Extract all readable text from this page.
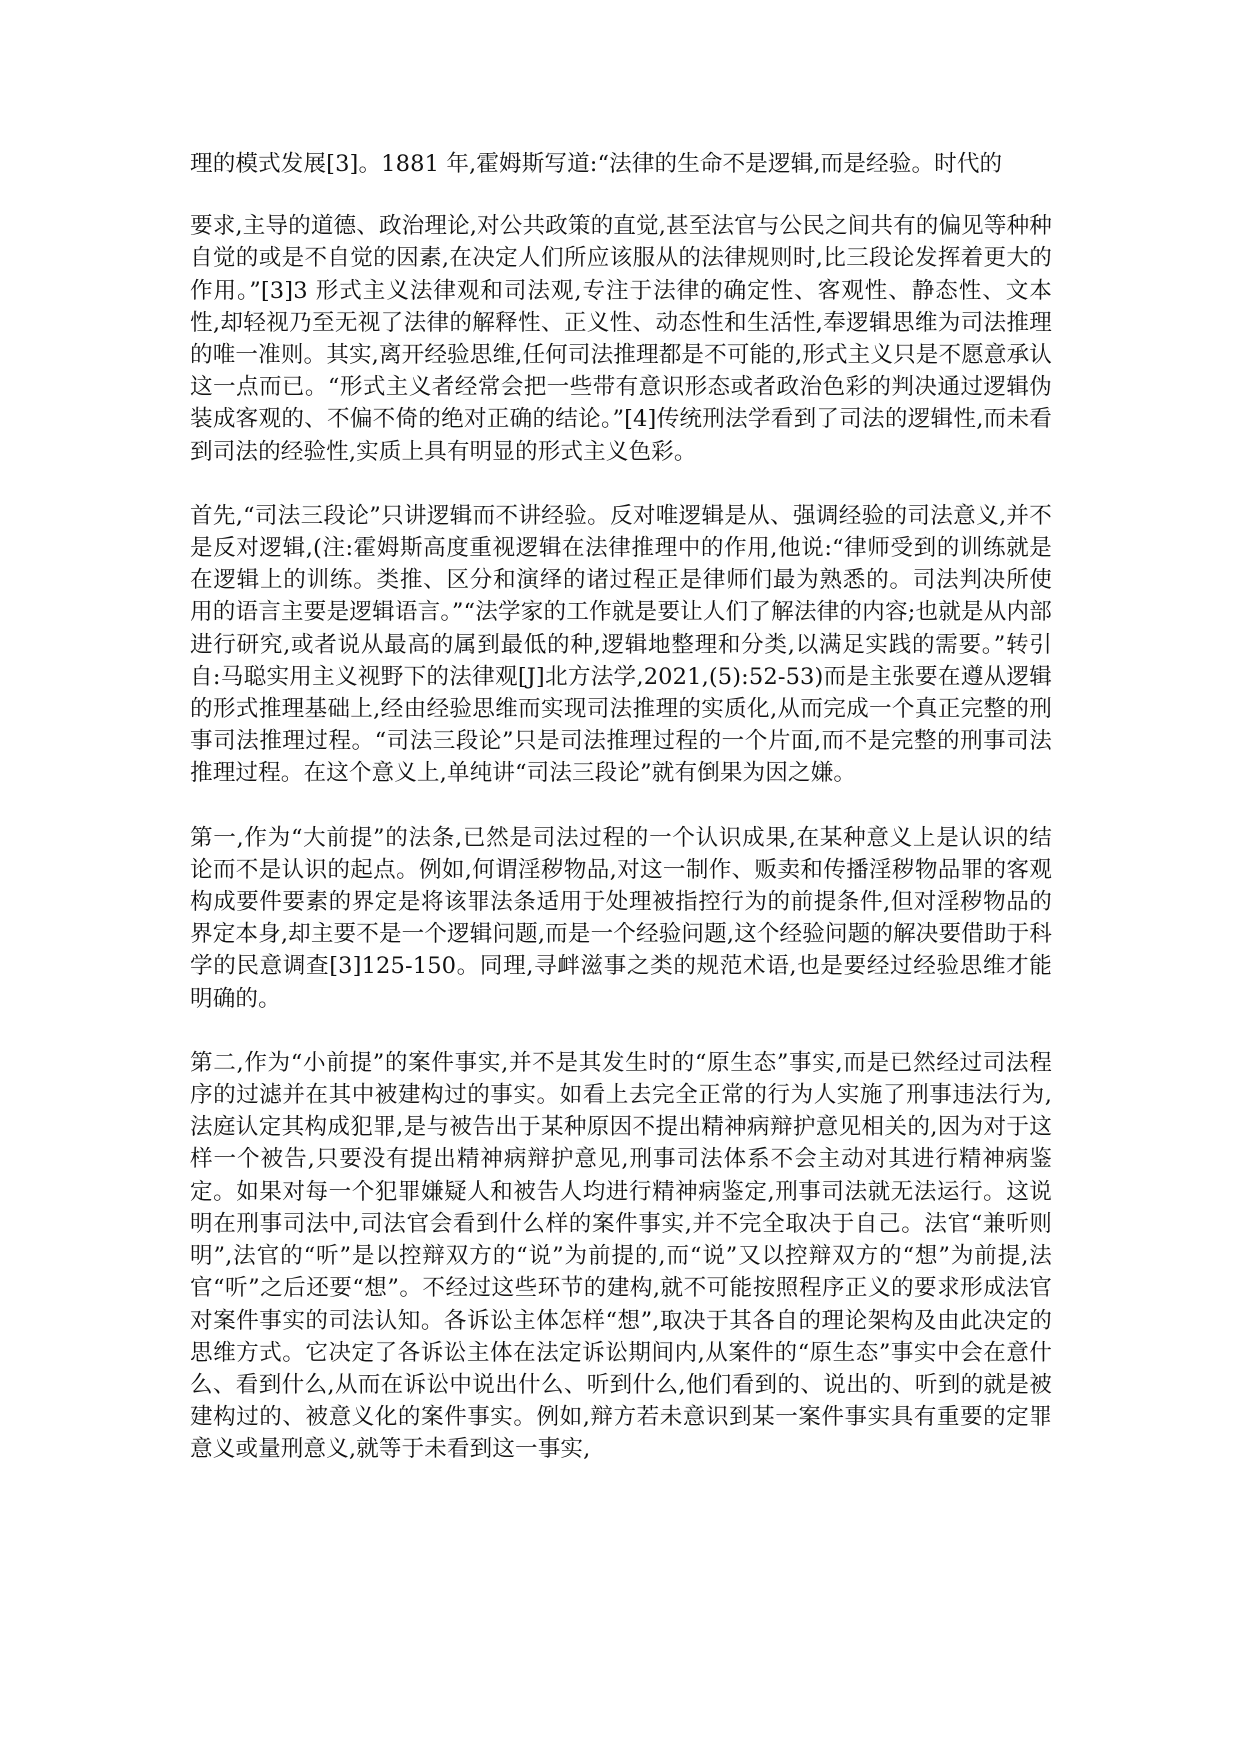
理的模式发展[3]。1881 年,霍姆斯写道:“法律的生命不是逻辑,而是经验。时代的

要求,主导的道德、政治理论,对公共政策的直觉,甚至法官与公民之间共有的偏见等种种自觉的或是不自觉的因素,在决定人们所应该服从的法律规则时,比三段论发挥着更大的作用。”[3]3 形式主义法律观和司法观,专注于法律的确定性、客观性、静态性、文本性,却轻视乃至无视了法律的解释性、正义性、动态性和生活性,奉逻辑思维为司法推理的唯一准则。其实,离开经验思维,任何司法推理都是不可能的,形式主义只是不愿意承认这一点而已。“形式主义者经常会把一些带有意识形态或者政治色彩的判决通过逻辑伪装成客观的、不偏不倚的绝对正确的结论。”[4]传统刑法学看到了司法的逻辑性,而未看到司法的经验性,实质上具有明显的形式主义色彩。

首先,“司法三段论”只讲逻辑而不讲经验。反对唯逻辑是从、强调经验的司法意义,并不是反对逻辑,(注:霍姆斯高度重视逻辑在法律推理中的作用,他说:“律师受到的训练就是在逻辑上的训练。类推、区分和演绎的诸过程正是律师们最为熟悉的。司法判决所使用的语言主要是逻辑语言。”“法学家的工作就是要让人们了解法律的内容;也就是从内部进行研究,或者说从最高的属到最低的种,逻辑地整理和分类,以满足实践的需要。”转引自:马聪实用主义视野下的法律观[J]北方法学,2021,(5):52-53)而是主张要在遵从逻辑的形式推理基础上,经由经验思维而实现司法推理的实质化,从而完成一个真正完整的刑事司法推理过程。“司法三段论”只是司法推理过程的一个片面,而不是完整的刑事司法推理过程。在这个意义上,单纯讲“司法三段论”就有倒果为因之嫌。

第一,作为“大前提”的法条,已然是司法过程的一个认识成果,在某种意义上是认识的结论而不是认识的起点。例如,何谓淫秽物品,对这一制作、贩卖和传播淫秽物品罪的客观构成要件要素的界定是将该罪法条适用于处理被指控行为的前提条件,但对淫秽物品的界定本身,却主要不是一个逻辑问题,而是一个经验问题,这个经验问题的解决要借助于科学的民意调查[3]125-150。同理,寻衅滋事之类的规范术语,也是要经过经验思维才能明确的。

第二,作为“小前提”的案件事实,并不是其发生时的“原生态”事实,而是已然经过司法程序的过滤并在其中被建构过的事实。如看上去完全正常的行为人实施了刑事违法行为,法庭认定其构成犯罪,是与被告出于某种原因不提出精神病辩护意见相关的,因为对于这样一个被告,只要没有提出精神病辩护意见,刑事司法体系不会主动对其进行精神病鉴定。如果对每一个犯罪嫌疑人和被告人均进行精神病鉴定,刑事司法就无法运行。这说明在刑事司法中,司法官会看到什么样的案件事实,并不完全取决于自己。法官“兼听则明”,法官的“听”是以控辩双方的“说”为前提的,而“说”又以控辩双方的“想”为前提,法官“听”之后还要“想”。不经过这些环节的建构,就不可能按照程序正义的要求形成法官对案件事实的司法认知。各诉讼主体怎样“想”,取决于其各自的理论架构及由此决定的思维方式。它决定了各诉讼主体在法定诉讼期间内,从案件的“原生态”事实中会在意什么、看到什么,从而在诉讼中说出什么、听到什么,他们看到的、说出的、听到的就是被建构过的、被意义化的案件事实。例如,辩方若未意识到某一案件事实具有重要的定罪意义或量刑意义,就等于未看到这一事实,
